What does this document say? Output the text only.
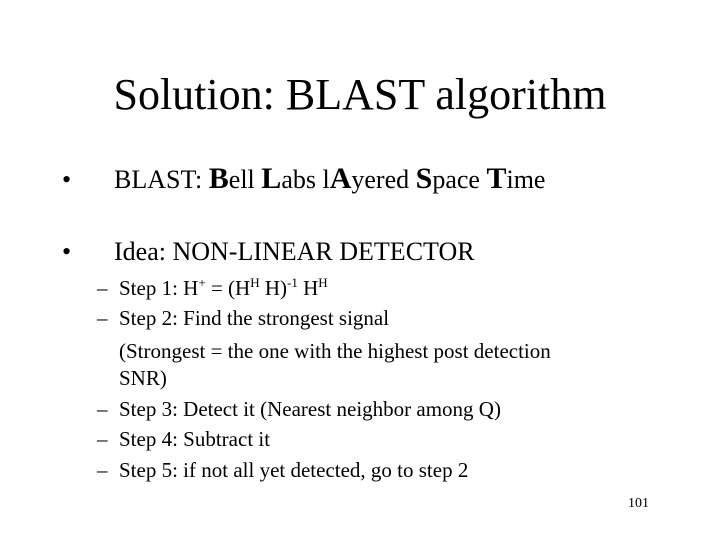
Solution: BLAST algorithm
• BLAST: Bell Labs lAyered Space Time
• Idea: NON-LINEAR DETECTOR
– Step 1: $H^+ = (H^H$ H)$^{-1}$ $H^H$
– Step 2: Find the strongest signal
(Strongest = the one with the highest post detection
SNR)
– Step 3: Detect it (Nearest neighbor among Q)
– Step 4: Subtract it
– Step 5: if not all yet detected, go to step 2
101
